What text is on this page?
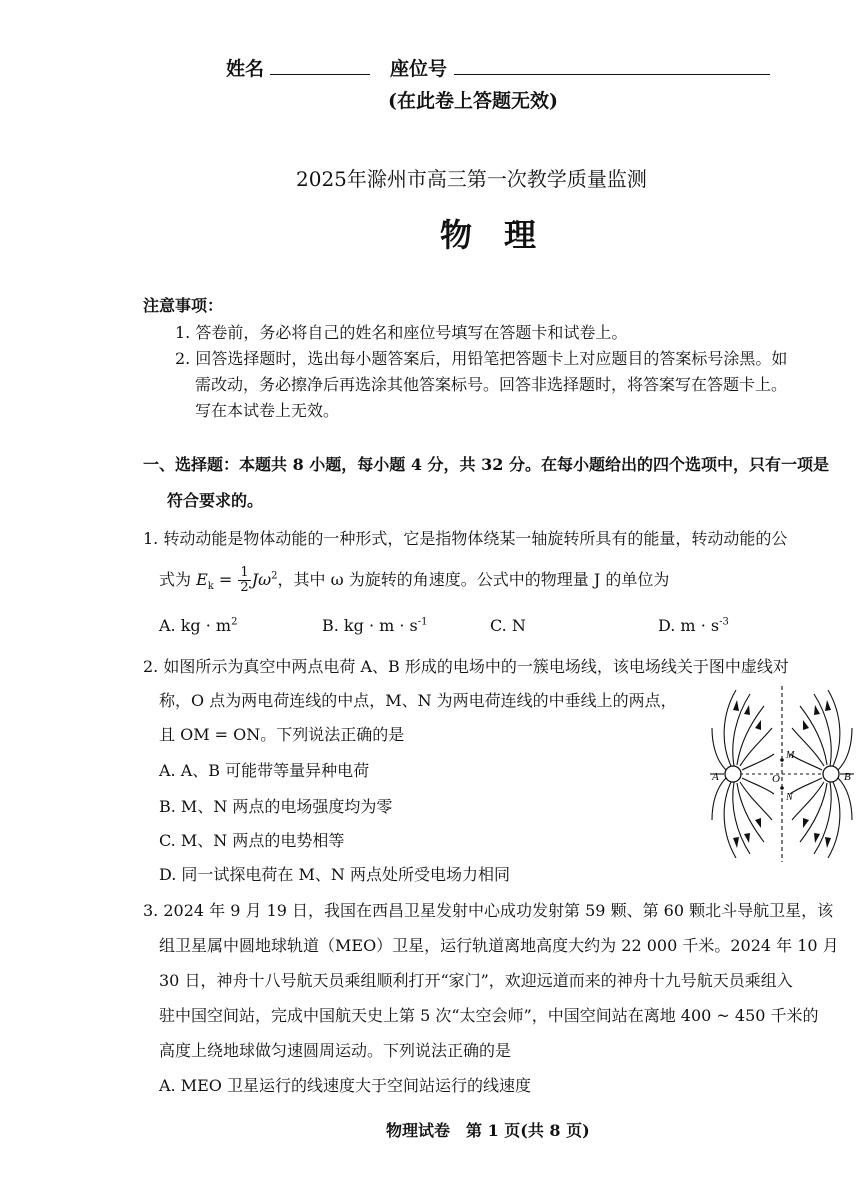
姓名	座位号
(在此卷上答题无效)
2025年滁州市高三第一次教学质量监测
物　理
注意事项：
1. 答卷前，务必将自己的姓名和座位号填写在答题卡和试卷上。
2. 回答选择题时，选出每小题答案后，用铅笔把答题卡上对应题目的答案标号涂黑。如
需改动，务必擦净后再选涂其他答案标号。回答非选择题时，将答案写在答题卡上。
写在本试卷上无效。
一、选择题：本题共 8 小题，每小题 4 分，共 32 分。在每小题给出的四个选项中，只有一项是
符合要求的。
1. 转动动能是物体动能的一种形式，它是指物体绕某一轴旋转所具有的能量，转动动能的公
式为 $E_k = \frac{1}{2} J\omega^2$，其中 ω 为旋转的角速度。公式中的物理量 J 的单位为
A. kg · $m^2$	B. kg · $m \cdot s^{-1}$	C. N	D. $m \cdot s^{-3}$
2. 如图所示为真空中两点电荷 A、B 形成的电场中的一簇电场线，该电场线关于图中虚线对
称，O 点为两电荷连线的中点，M、N 为两电荷连线的中垂线上的两点，
且 OM = ON。下列说法正确的是
A. A、B 可能带等量异种电荷
B. M、N 两点的电场强度均为零
C. M、N 两点的电势相等
D. 同一试探电荷在 M、N 两点处所受电场力相同
A	B
O
M
N
3. 2024 年 9 月 19 日，我国在西昌卫星发射中心成功发射第 59 颗、第 60 颗北斗导航卫星，该
组卫星属中圆地球轨道（MEO）卫星，运行轨道离地高度大约为 22 000 千米。2024 年 10 月
30 日，神舟十八号航天员乘组顺利打开“家门”，欢迎远道而来的神舟十九号航天员乘组入
驻中国空间站，完成中国航天史上第 5 次“太空会师”，中国空间站在离地 400 ~ 450 千米的
高度上绕地球做匀速圆周运动。下列说法正确的是
A. MEO 卫星运行的线速度大于空间站运行的线速度
物理试卷　第 1 页(共 8 页)
